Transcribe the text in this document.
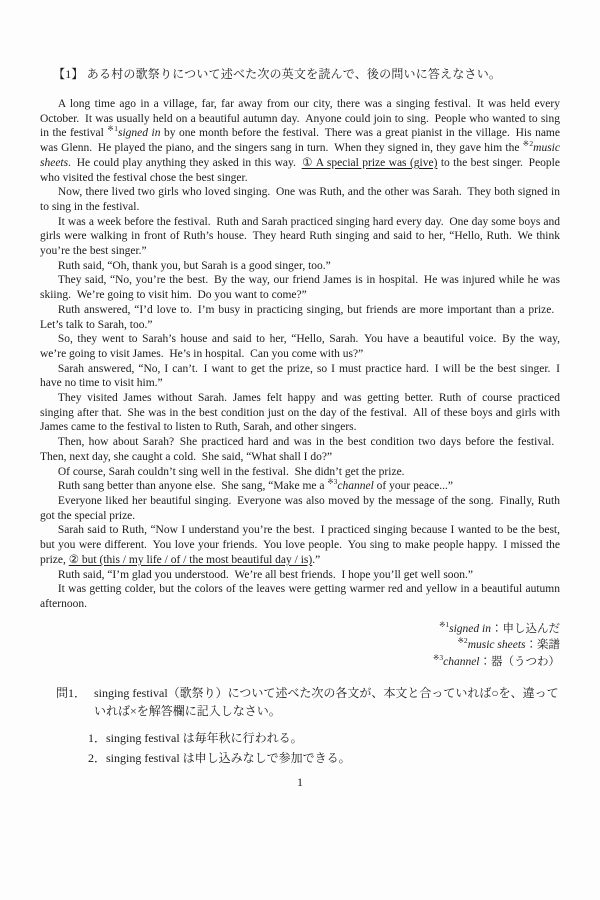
【1】 ある村の歌祭りについて述べた次の英文を読んで、後の問いに答えなさい。

A long time ago in a village, far, far away from our city, there was a singing festival. It was held every October. It was usually held on a beautiful autumn day. Anyone could join to sing. People who wanted to sing in the festival $^{※1}$signed in by one month before the festival. There was a great pianist in the village. His name was Glenn. He played the piano, and the singers sang in turn. When they signed in, they gave him the $^{※2}$music sheets. He could play anything they asked in this way. ① A special prize was (give) to the best singer. People who visited the festival chose the best singer.

Now, there lived two girls who loved singing. One was Ruth, and the other was Sarah. They both signed in to sing in the festival.

It was a week before the festival. Ruth and Sarah practiced singing hard every day. One day some boys and girls were walking in front of Ruth’s house. They heard Ruth singing and said to her, “Hello, Ruth. We think you’re the best singer.”

Ruth said, “Oh, thank you, but Sarah is a good singer, too.”

They said, “No, you’re the best. By the way, our friend James is in hospital. He was injured while he was skiing. We’re going to visit him. Do you want to come?”

Ruth answered, “I’d love to. I’m busy in practicing singing, but friends are more important than a prize. Let’s talk to Sarah, too.”

So, they went to Sarah’s house and said to her, “Hello, Sarah. You have a beautiful voice. By the way, we’re going to visit James. He’s in hospital. Can you come with us?”

Sarah answered, “No, I can’t. I want to get the prize, so I must practice hard. I will be the best singer. I have no time to visit him.”

They visited James without Sarah. James felt happy and was getting better. Ruth of course practiced singing after that. She was in the best condition just on the day of the festival. All of these boys and girls with James came to the festival to listen to Ruth, Sarah, and other singers.

Then, how about Sarah? She practiced hard and was in the best condition two days before the festival. Then, next day, she caught a cold. She said, “What shall I do?”

Of course, Sarah couldn’t sing well in the festival. She didn’t get the prize.

Ruth sang better than anyone else. She sang, “Make me a $^{※3}$channel of your peace...”

Everyone liked her beautiful singing. Everyone was also moved by the message of the song. Finally, Ruth got the special prize.

Sarah said to Ruth, “Now I understand you’re the best. I practiced singing because I wanted to be the best, but you were different. You love your friends. You love people. You sing to make people happy. I missed the prize, ② but (this / my life / of / the most beautiful day / is).”

Ruth said, “I’m glad you understood. We’re all best friends. I hope you’ll get well soon.”

It was getting colder, but the colors of the leaves were getting warmer red and yellow in a beautiful autumn afternoon.

$^{※1}$signed in：申し込んだ
$^{※2}$music sheets：楽譜
$^{※3}$channel：器（うつわ）
問1． singing festival（歌祭り）について述べた次の各文が、本文と合っていれば○を、違っていれば×を解答欄に記入しなさい。
1．singing festival は毎年秋に行われる。
2．singing festival は申し込みなしで参加できる。
1
